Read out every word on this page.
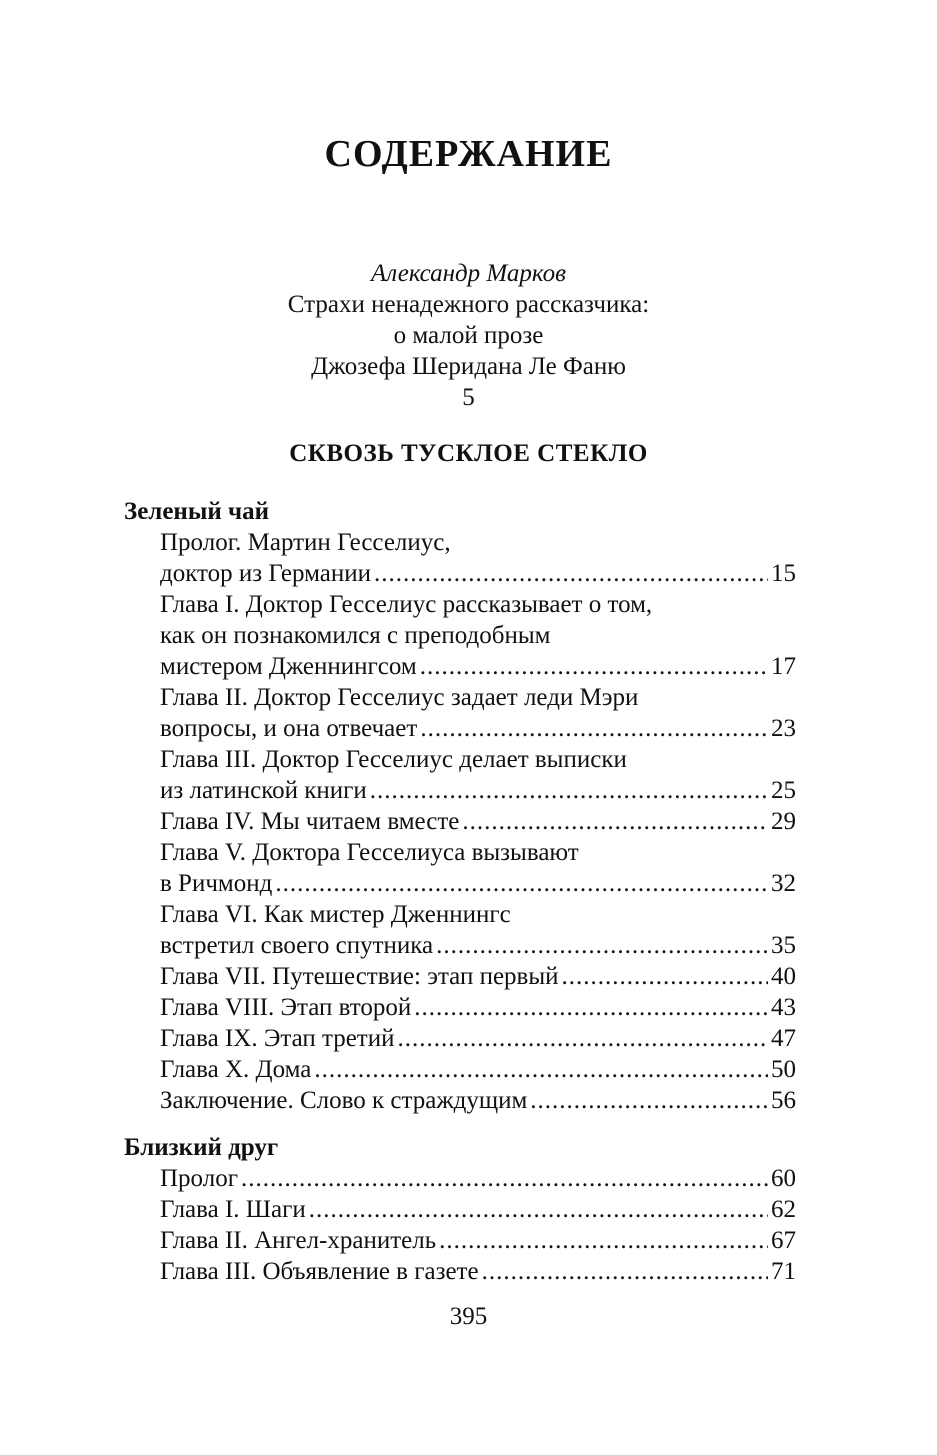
СОДЕРЖАНИЕ
Александр Марков
Страхи ненадежного рассказчика:
о малой прозе
Джозефа Шеридана Ле Фаню
5
СКВОЗЬ ТУСКЛОЕ СТЕКЛО
Зеленый чай
Пролог. Мартин Гесселиус,
доктор из Германии .....	15
Глава I. Доктор Гесселиус рассказывает о том,
как он познакомился с преподобным
мистером Дженнингсом .....	17
Глава II. Доктор Гесселиус задает леди Мэри
вопросы, и она отвечает .....	23
Глава III. Доктор Гесселиус делает выписки
из латинской книги .....	25
Глава IV. Мы читаем вместе .....	29
Глава V. Доктора Гесселиуса вызывают
в Ричмонд .....	32
Глава VI. Как мистер Дженнингс
встретил своего спутника .....	35
Глава VII. Путешествие: этап первый .....	40
Глава VIII. Этап второй .....	43
Глава IX. Этап третий .....	47
Глава X. Дома .....	50
Заключение. Слово к страждущим .....	56
Близкий друг
Пролог .....	60
Глава I. Шаги .....	62
Глава II. Ангел-хранитель .....	67
Глава III. Объявление в газете .....	71
395
